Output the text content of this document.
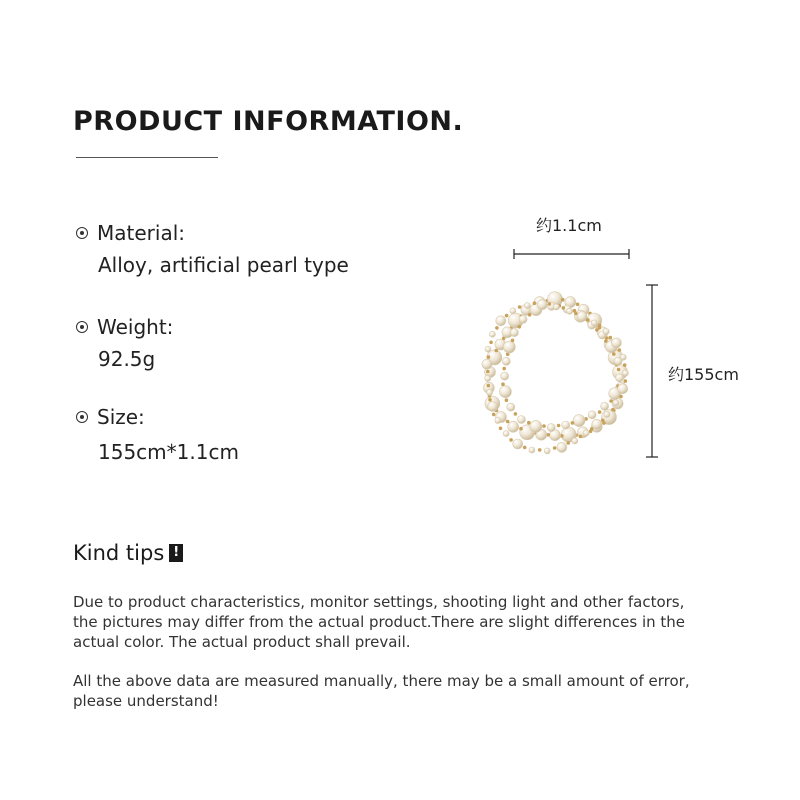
PRODUCT INFORMATION.
Material:
Alloy, artificial pearl type
Weight:
92.5g
Size:
155cm*1.1cm
约1.1cm
约155cm
Kind tips !
Due to product characteristics, monitor settings, shooting light and other factors, the pictures may differ from the actual product.There are slight differences in the actual color. The actual product shall prevail.
All the above data are measured manually, there may be a small amount of error, please understand!
